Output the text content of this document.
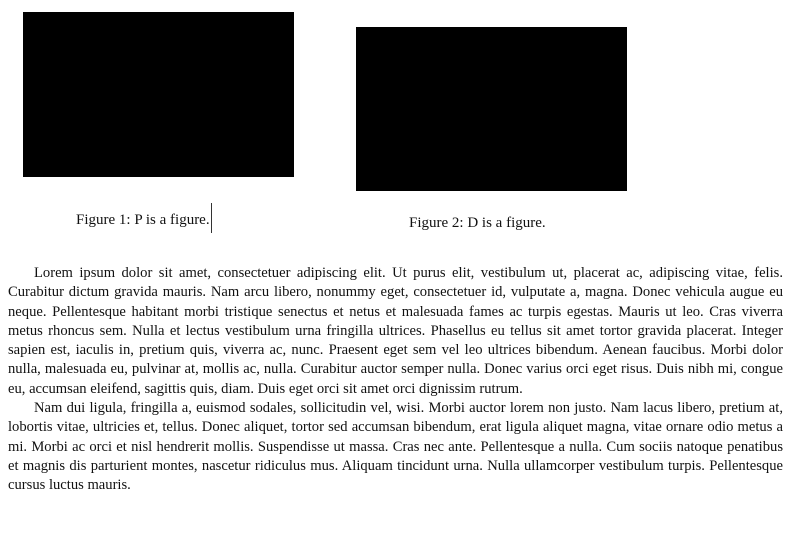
Figure 1: P is a figure.	Figure 2: D is a figure.

Lorem ipsum dolor sit amet, consectetuer adipiscing elit. Ut purus elit, vestibulum ut, placerat ac, adipiscing vitae, felis. Curabitur dictum gravida mauris. Nam arcu libero, nonummy eget, consectetuer id, vulputate a, magna. Donec vehicula augue eu neque. Pellentesque habitant morbi tristique senectus et netus et malesuada fames ac turpis egestas. Mauris ut leo. Cras viverra metus rhoncus sem. Nulla et lectus vestibulum urna fringilla ultrices. Phasellus eu tellus sit amet tortor gravida placerat. Integer sapien est, iaculis in, pretium quis, viverra ac, nunc. Praesent eget sem vel leo ultrices bibendum. Aenean faucibus. Morbi dolor nulla, malesuada eu, pulvinar at, mollis ac, nulla. Curabitur auctor semper nulla. Donec varius orci eget risus. Duis nibh mi, congue eu, accumsan eleifend, sagittis quis, diam. Duis eget orci sit amet orci dignissim rutrum.

Nam dui ligula, fringilla a, euismod sodales, sollicitudin vel, wisi. Morbi auctor lorem non justo. Nam lacus libero, pretium at, lobortis vitae, ultricies et, tellus. Donec aliquet, tortor sed accumsan bibendum, erat ligula aliquet magna, vitae ornare odio metus a mi. Morbi ac orci et nisl hendrerit mollis. Suspendisse ut massa. Cras nec ante. Pellentesque a nulla. Cum sociis natoque penatibus et magnis dis parturient montes, nascetur ridiculus mus. Aliquam tincidunt urna. Nulla ullamcorper vestibulum turpis. Pellentesque cursus luctus mauris.
